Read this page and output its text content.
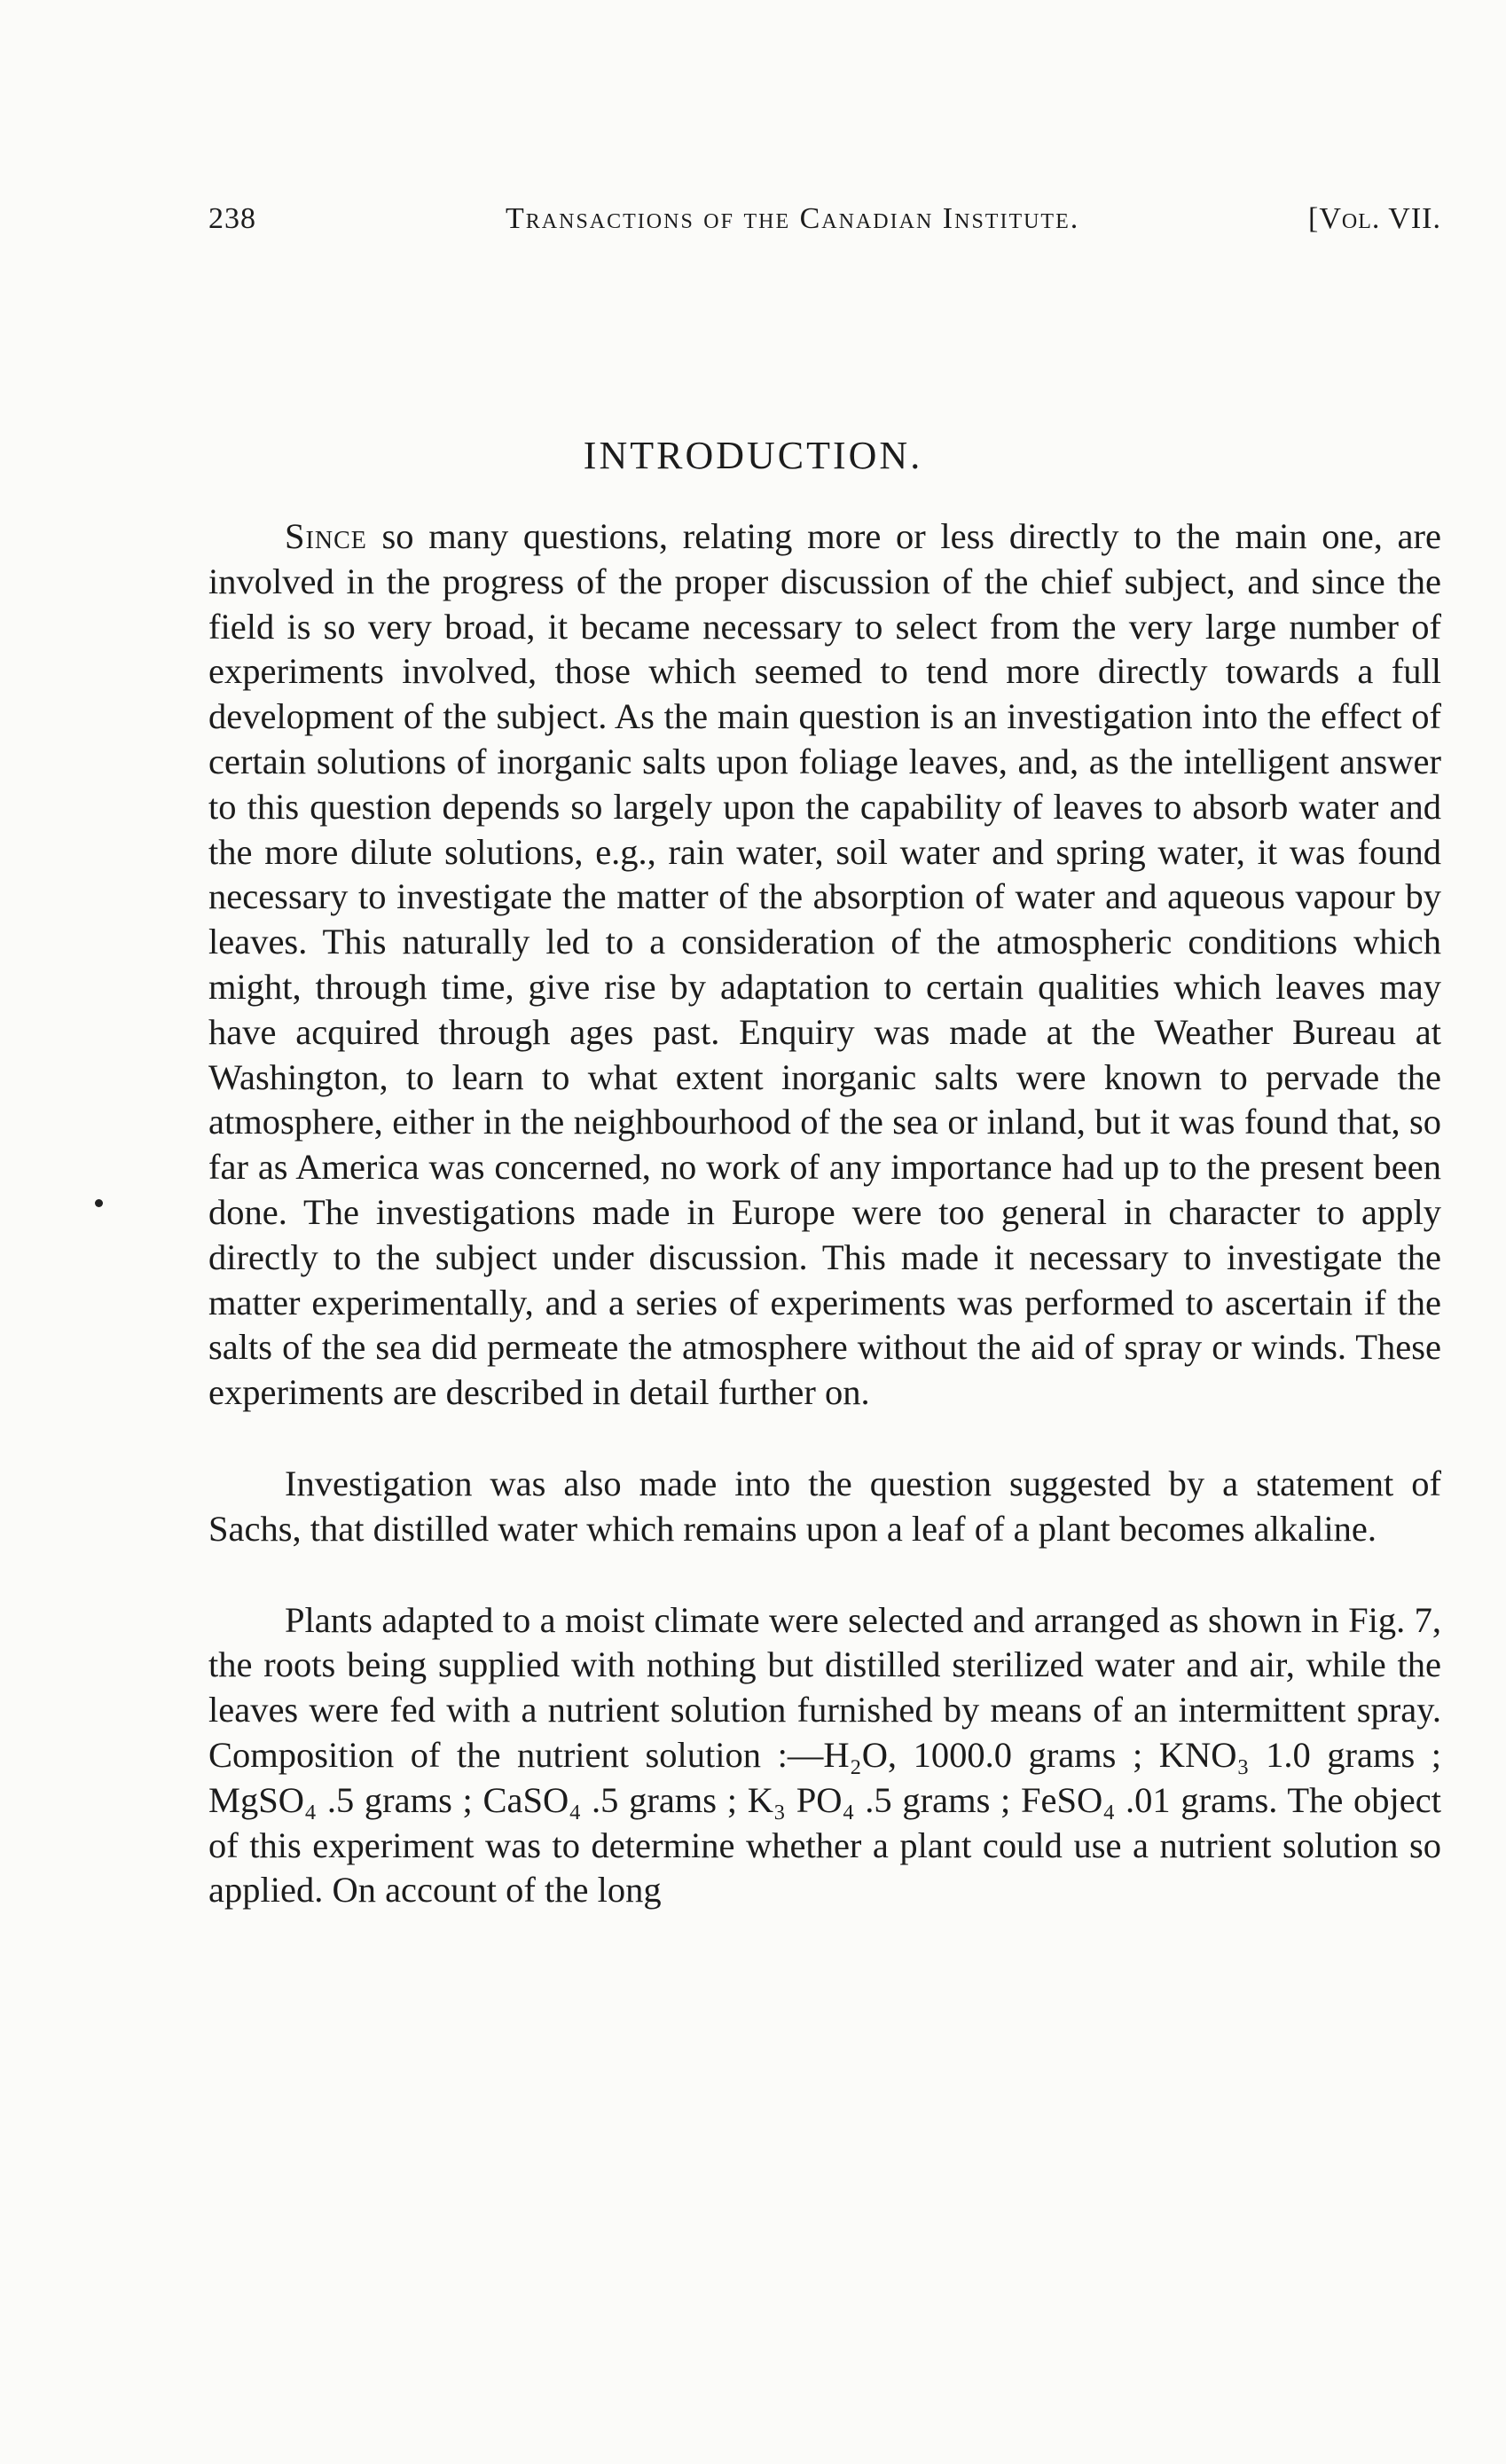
238	Transactions of the Canadian Institute.	[Vol. VII.
INTRODUCTION.

Since so many questions, relating more or less directly to the main one, are involved in the progress of the proper discussion of the chief subject, and since the field is so very broad, it became necessary to select from the very large number of experiments involved, those which seemed to tend more directly towards a full development of the subject. As the main question is an investigation into the effect of certain solutions of inorganic salts upon foliage leaves, and, as the intelligent answer to this question depends so largely upon the capability of leaves to absorb water and the more dilute solutions, e.g., rain water, soil water and spring water, it was found necessary to investigate the matter of the absorption of water and aqueous vapour by leaves. This naturally led to a consideration of the atmospheric conditions which might, through time, give rise by adaptation to certain qualities which leaves may have acquired through ages past. Enquiry was made at the Weather Bureau at Washington, to learn to what extent inorganic salts were known to pervade the atmosphere, either in the neighbourhood of the sea or inland, but it was found that, so far as America was concerned, no work of any importance had up to the present been done. The investigations made in Europe were too general in character to apply directly to the subject under discussion. This made it necessary to investigate the matter experimentally, and a series of experiments was performed to ascertain if the salts of the sea did permeate the atmosphere without the aid of spray or winds. These experiments are described in detail further on.

Investigation was also made into the question suggested by a statement of Sachs, that distilled water which remains upon a leaf of a plant becomes alkaline.

Plants adapted to a moist climate were selected and arranged as shown in Fig. 7, the roots being supplied with nothing but distilled sterilized water and air, while the leaves were fed with a nutrient solution furnished by means of an intermittent spray. Composition of the nutrient solution :—H₂O, 1000.0 grams ; KNO₃ 1.0 grams ; MgSO₄ .5 grams ; CaSO₄ .5 grams ; K₃ PO₄ .5 grams ; FeSO₄ .01 grams. The object of this experiment was to determine whether a plant could use a nutrient solution so applied. On account of the long
